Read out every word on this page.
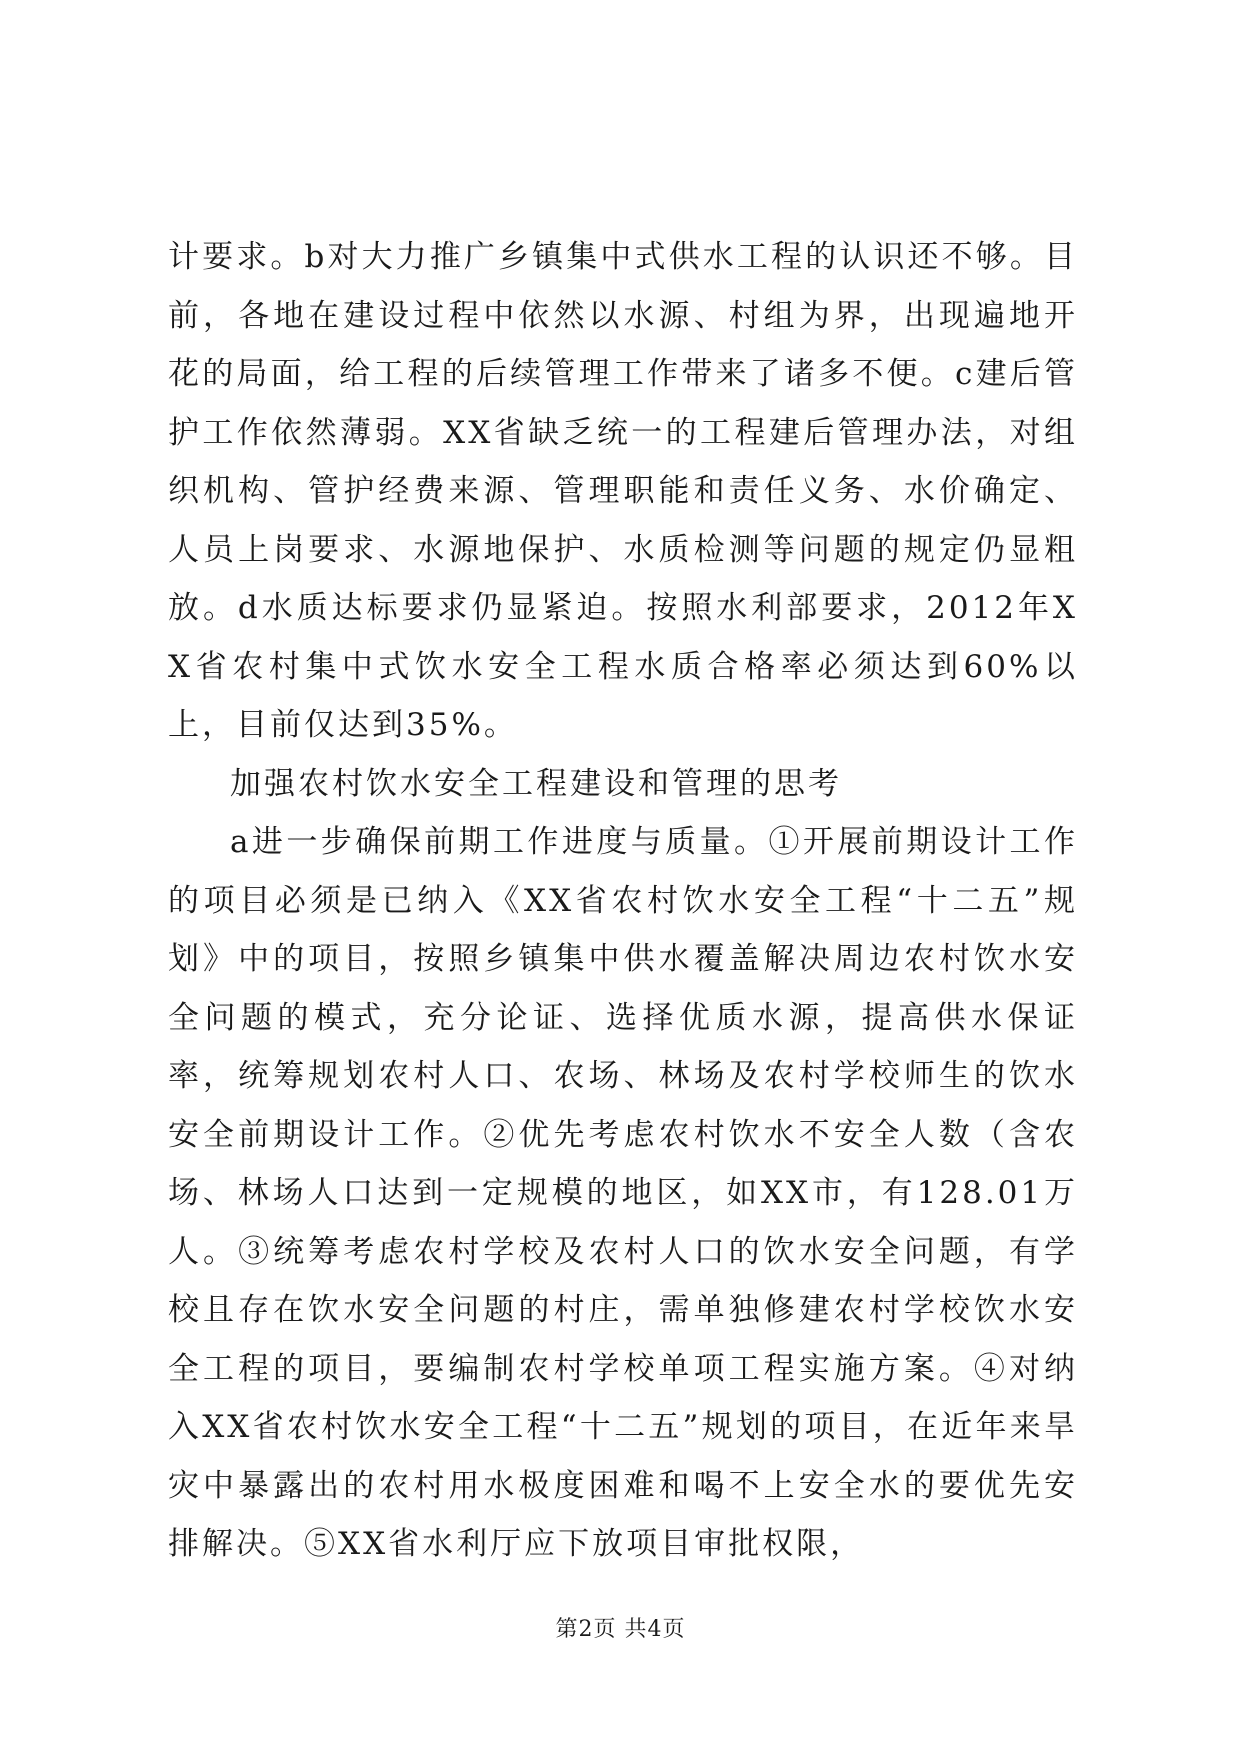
计要求。b对大力推广乡镇集中式供水工程的认识还不够。目前，各地在建设过程中依然以水源、村组为界，出现遍地开花的局面，给工程的后续管理工作带来了诸多不便。c建后管护工作依然薄弱。XX省缺乏统一的工程建后管理办法，对组织机构、管护经费来源、管理职能和责任义务、水价确定、人员上岗要求、水源地保护、水质检测等问题的规定仍显粗放。d水质达标要求仍显紧迫。按照水利部要求，2012年XX省农村集中式饮水安全工程水质合格率必须达到60%以上，目前仅达到35%。

加强农村饮水安全工程建设和管理的思考

a进一步确保前期工作进度与质量。①开展前期设计工作的项目必须是已纳入《XX省农村饮水安全工程“十二五”规划》中的项目，按照乡镇集中供水覆盖解决周边农村饮水安全问题的模式，充分论证、选择优质水源，提高供水保证率，统筹规划农村人口、农场、林场及农村学校师生的饮水安全前期设计工作。②优先考虑农村饮水不安全人数（含农场、林场人口达到一定规模的地区，如XX市，有128.01万人。③统筹考虑农村学校及农村人口的饮水安全问题，有学校且存在饮水安全问题的村庄，需单独修建农村学校饮水安全工程的项目，要编制农村学校单项工程实施方案。④对纳入XX省农村饮水安全工程“十二五”规划的项目，在近年来旱灾中暴露出的农村用水极度困难和喝不上安全水的要优先安排解决。⑤XX省水利厅应下放项目审批权限，

第2页 共4页
